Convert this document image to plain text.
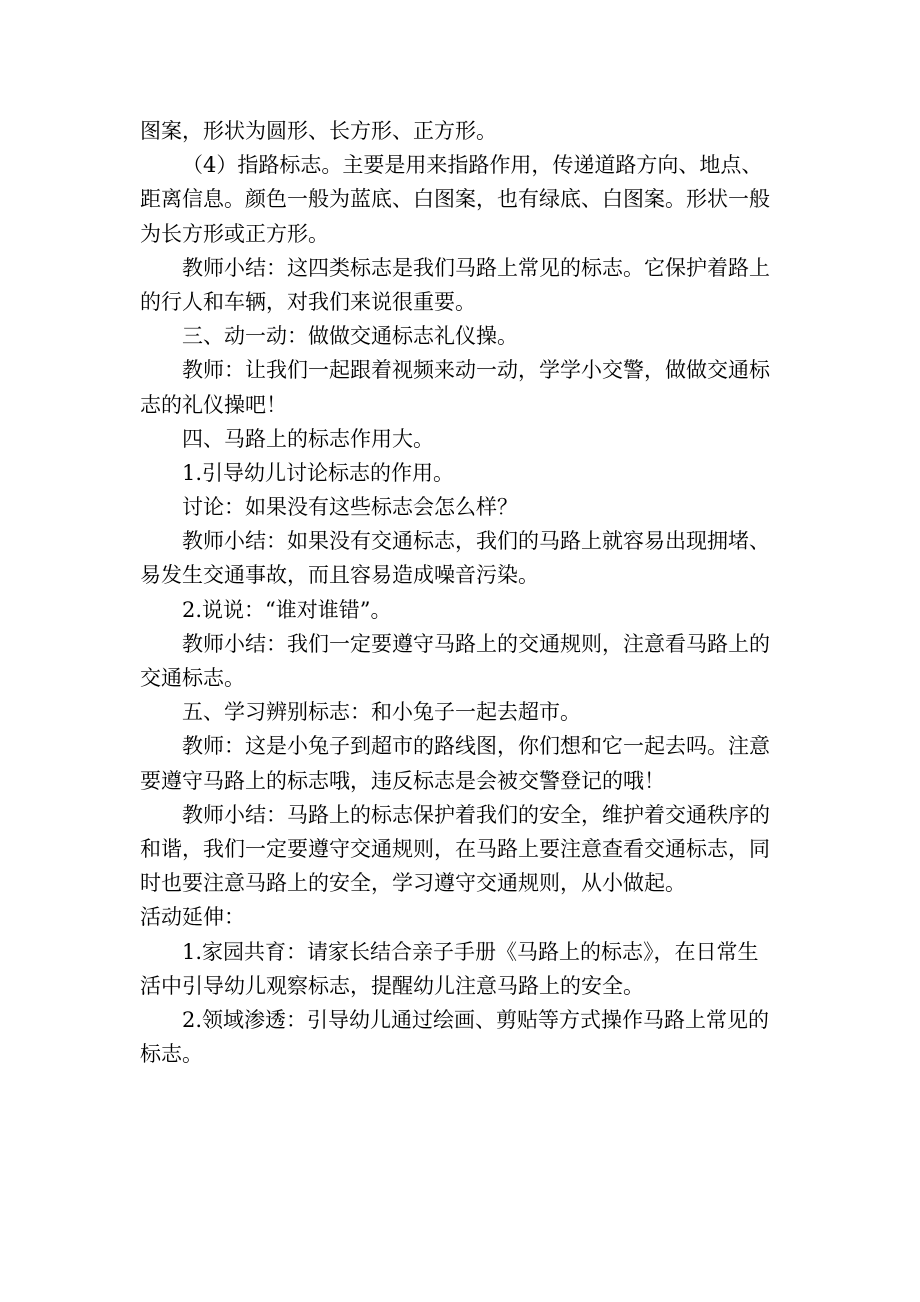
图案，形状为圆形、长方形、正方形。
（4）指路标志。主要是用来指路作用，传递道路方向、地点、
距离信息。颜色一般为蓝底、白图案，也有绿底、白图案。形状一般
为长方形或正方形。
教师小结：这四类标志是我们马路上常见的标志。它保护着路上
的行人和车辆，对我们来说很重要。
三、动一动：做做交通标志礼仪操。
教师：让我们一起跟着视频来动一动，学学小交警，做做交通标
志的礼仪操吧！
四、马路上的标志作用大。
1.引导幼儿讨论标志的作用。
讨论：如果没有这些标志会怎么样？
教师小结：如果没有交通标志，我们的马路上就容易出现拥堵、
易发生交通事故，而且容易造成噪音污染。
2.说说：“谁对谁错”。
教师小结：我们一定要遵守马路上的交通规则，注意看马路上的
交通标志。
五、学习辨别标志：和小兔子一起去超市。
教师：这是小兔子到超市的路线图，你们想和它一起去吗。注意
要遵守马路上的标志哦，违反标志是会被交警登记的哦！
教师小结：马路上的标志保护着我们的安全，维护着交通秩序的
和谐，我们一定要遵守交通规则，在马路上要注意查看交通标志，同
时也要注意马路上的安全，学习遵守交通规则，从小做起。
活动延伸：
1.家园共育：请家长结合亲子手册《马路上的标志》，在日常生
活中引导幼儿观察标志，提醒幼儿注意马路上的安全。
2.领域渗透：引导幼儿通过绘画、剪贴等方式操作马路上常见的
标志。
